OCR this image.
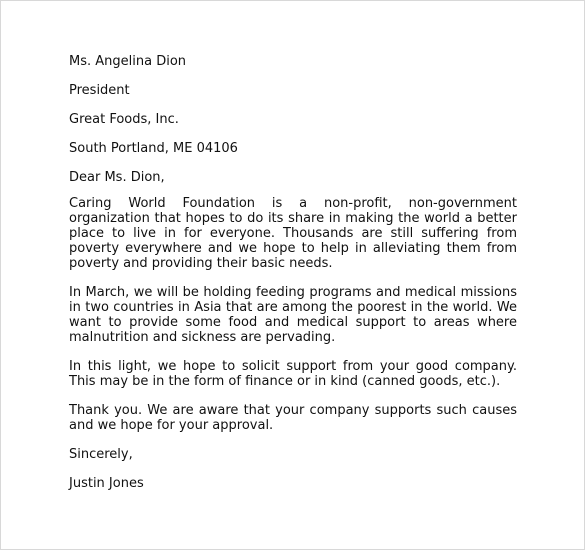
Ms. Angelina Dion
President
Great Foods, Inc.
South Portland, ME 04106
Dear Ms. Dion,

Caring World Foundation is a non-profit, non-government organization that hopes to do its share in making the world a better place to live in for everyone. Thousands are still suffering from poverty everywhere and we hope to help in alleviating them from poverty and providing their basic needs.

In March, we will be holding feeding programs and medical missions in two countries in Asia that are among the poorest in the world. We want to provide some food and medical support to areas where malnutrition and sickness are pervading.

In this light, we hope to solicit support from your good company. This may be in the form of finance or in kind (canned goods, etc.).

Thank you. We are aware that your company supports such causes and we hope for your approval.

Sincerely,
Justin Jones
